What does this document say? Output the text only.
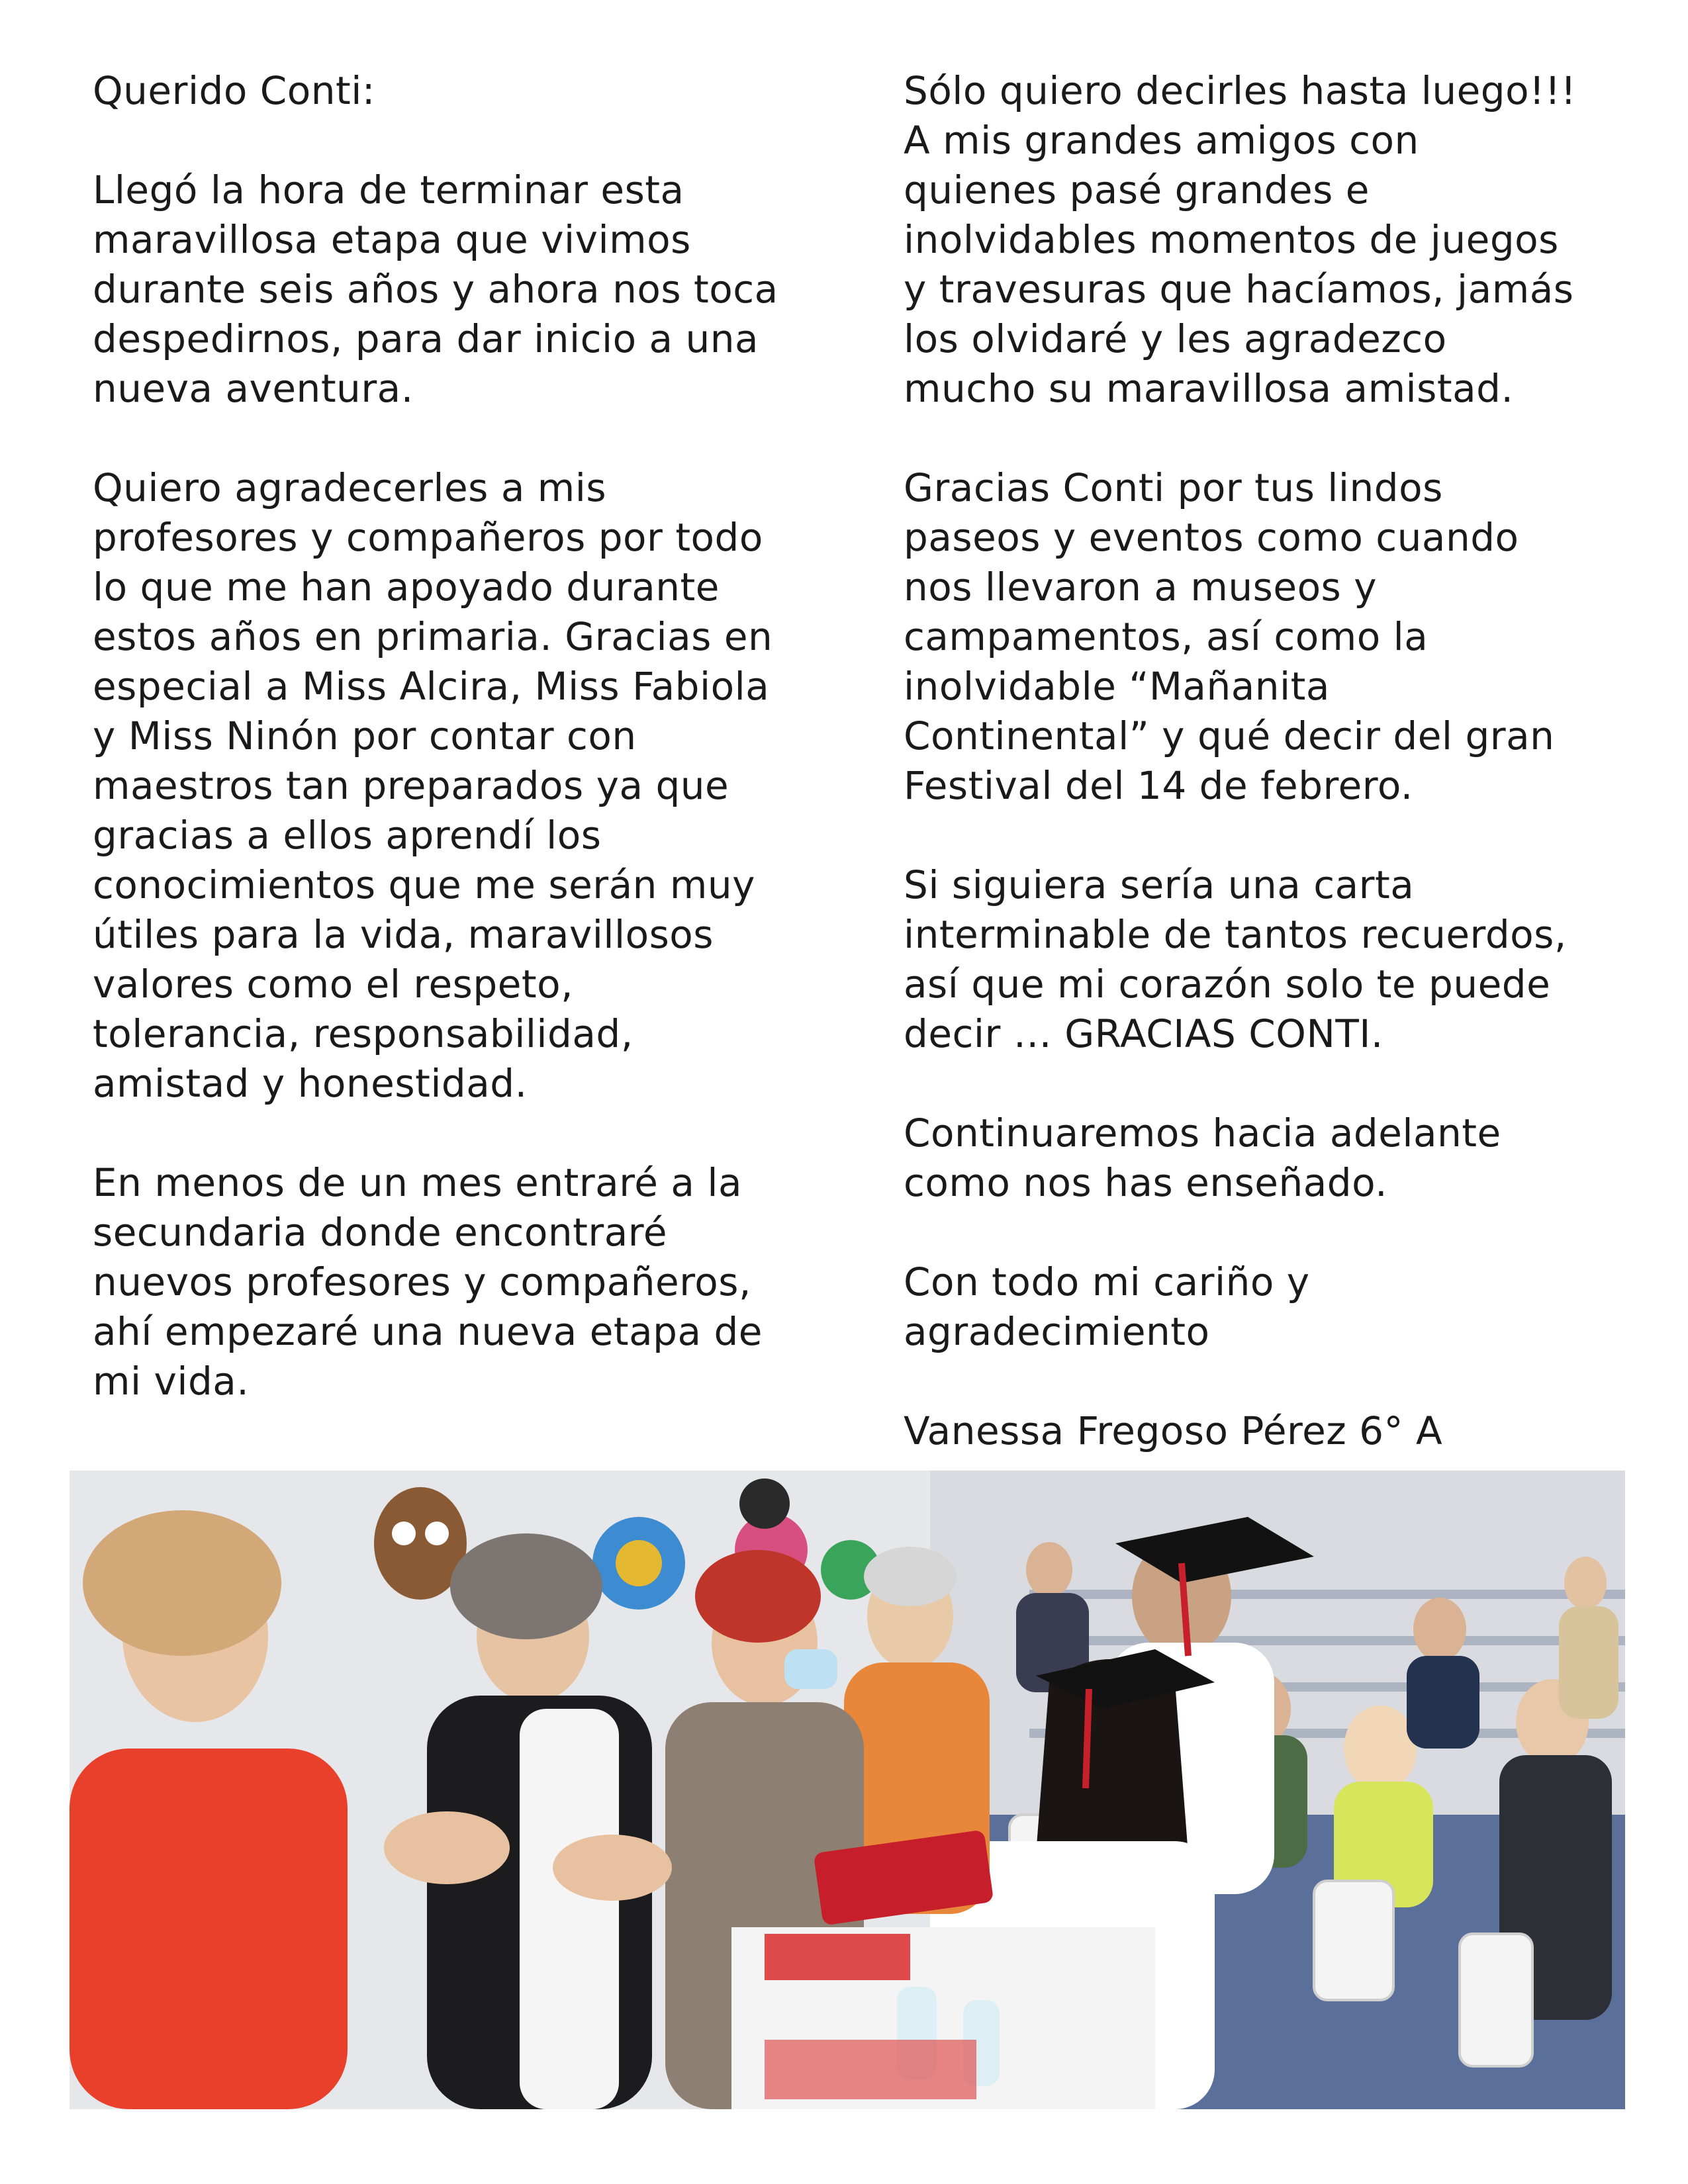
Querido Conti:
Llegó la hora de terminar esta
maravillosa etapa que vivimos
durante seis años y ahora nos toca
despedirnos, para dar inicio a una
nueva aventura.
Quiero agradecerles a mis
profesores y compañeros por todo
lo que me han apoyado durante
estos años en primaria. Gracias en
especial a Miss Alcira, Miss Fabiola
y Miss Ninón por contar con
maestros tan preparados ya que
gracias a ellos aprendí los
conocimientos que me serán muy
útiles para la vida, maravillosos
valores como el respeto,
tolerancia, responsabilidad,
amistad y honestidad.
En menos de un mes entraré a la
secundaria donde encontraré
nuevos profesores y compañeros,
ahí empezaré una nueva etapa de
mi vida.
Sólo quiero decirles hasta luego!!!
A mis grandes amigos con
quienes pasé grandes e
inolvidables momentos de juegos
y travesuras que hacíamos, jamás
los olvidaré y les agradezco
mucho su maravillosa amistad.
Gracias Conti por tus lindos
paseos y eventos como cuando
nos llevaron a museos y
campamentos, así como la
inolvidable “Mañanita
Continental” y qué decir del gran
Festival del 14 de febrero.
Si siguiera sería una carta
interminable de tantos recuerdos,
así que mi corazón solo te puede
decir … GRACIAS CONTI.
Continuaremos hacia adelante
como nos has enseñado.
Con todo mi cariño y
agradecimiento
Vanessa Fregoso Pérez 6° A
